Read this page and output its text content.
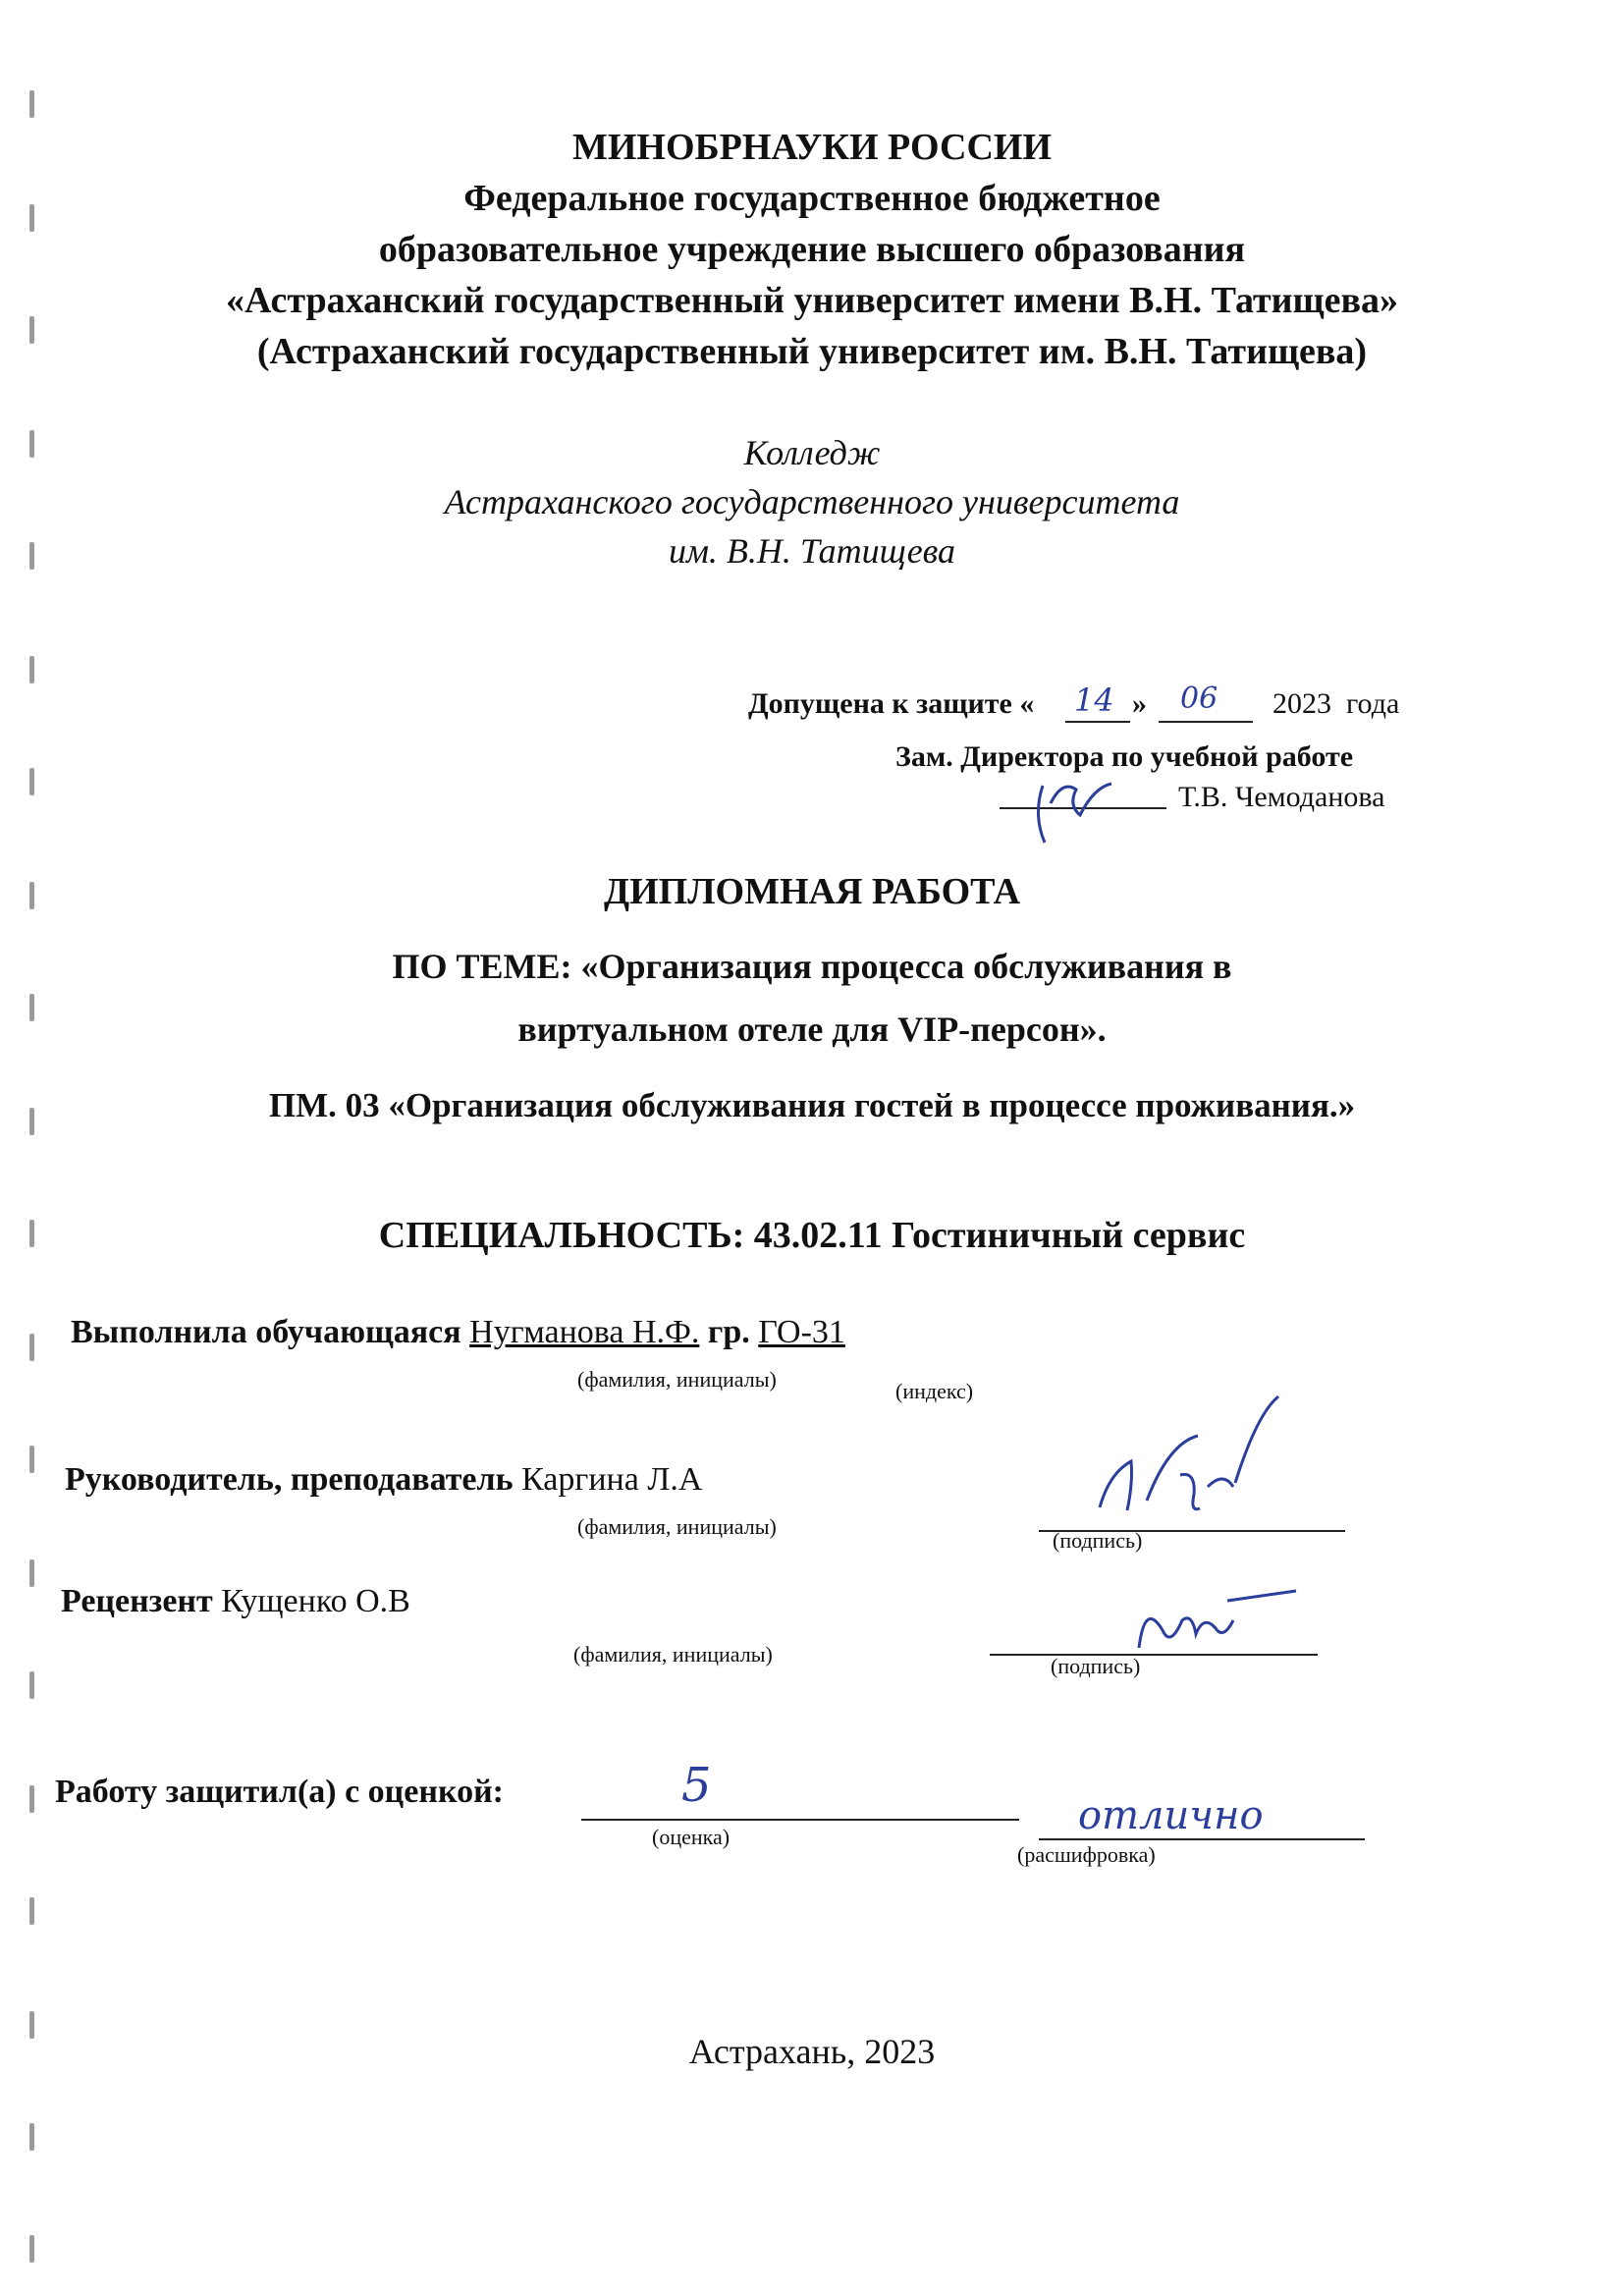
МИНОБРНАУКИ РОССИИ
Федеральное государственное бюджетное
образовательное учреждение высшего образования
«Астраханский государственный университет имени В.Н. Татищева»
(Астраханский государственный университет им. В.Н. Татищева)
Колледж
Астраханского государственного университета
им. В.Н. Татищева
Допущена к защите « 14 » 06 2023 года
Зам. Директора по учебной работе
Т.В. Чемоданова
ДИПЛОМНАЯ РАБОТА
ПО ТЕМЕ: «Организация процесса обслуживания в
виртуальном отеле для VIP-персон».
ПМ. 03 «Организация обслуживания гостей в процессе проживания.»
СПЕЦИАЛЬНОСТЬ: 43.02.11 Гостиничный сервис
Выполнила обучающаяся Нугманова Н.Ф. гр. ГО-31
(фамилия, инициалы)	(индекс)
Руководитель, преподаватель Каргина Л.А
(фамилия, инициалы)
(подпись)
Рецензент Кущенко О.В
(фамилия, инициалы)	(подпись)
Работу защитил(а) с оценкой:	5
(оценка)	отлично
(расшифровка)
Астрахань, 2023
